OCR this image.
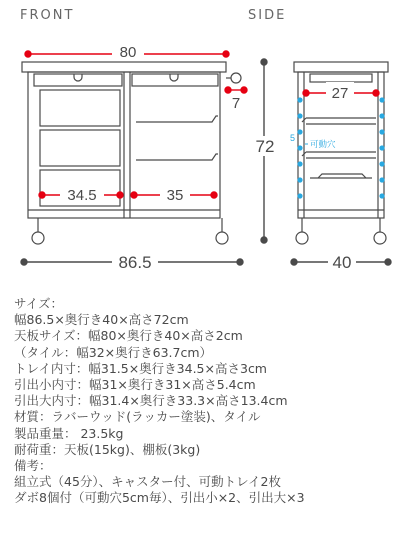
FRONT	SIDE
80
7
34.5	35
72
86.5
5
可動穴
27
40
サイズ：
幅86.5×奥行き40×高さ72cm
天板サイズ：幅80×奥行き40×高さ2cm
（タイル：幅32×奥行き63.7cm）
トレイ内寸：幅31.5×奥行き34.5×高さ3cm
引出小内寸：幅31×奥行き31×高さ5.4cm
引出大内寸：幅31.4×奥行き33.3×高さ13.4cm
材質：ラバーウッド(ラッカー塗装)、タイル
製品重量： 23.5kg
耐荷重：天板(15kg)、棚板(3kg)
備考：
組立式（45分）、キャスター付、可動トレイ2枚
ダボ8個付（可動穴5cm毎）、引出小×2、引出大×3
